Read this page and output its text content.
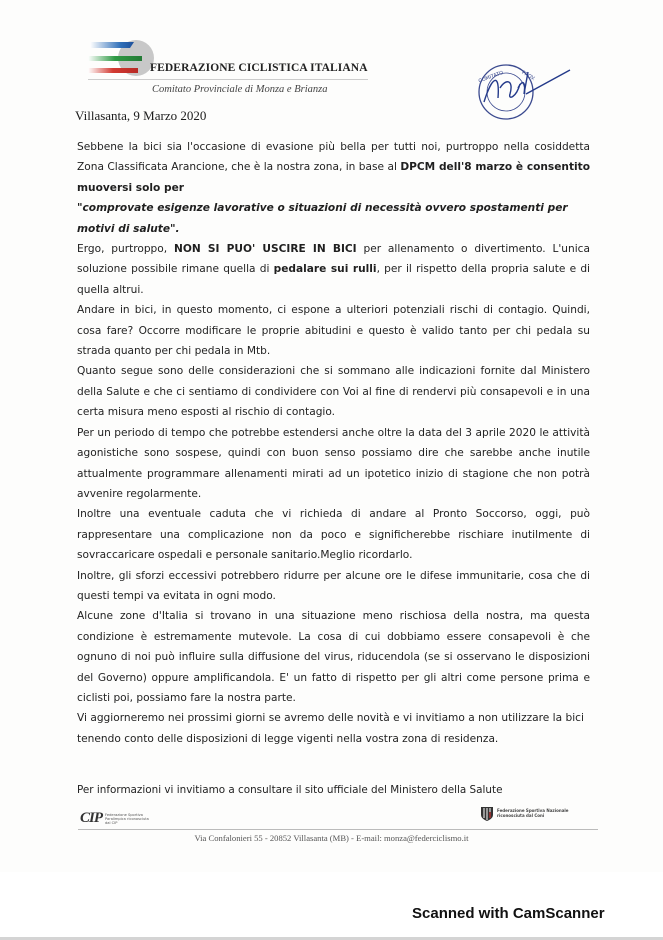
FEDERAZIONE CICLISTICA ITALIANA
Comitato Provinciale di Monza e Brianza
COMITATO	PROV.
Villasanta, 9 Marzo 2020

Sebbene la bici sia l'occasione di evasione più bella per tutti noi, purtroppo nella cosiddetta Zona Classificata Arancione, che è la nostra zona, in base al DPCM dell'8 marzo è consentito muoversi solo per

"comprovate esigenze lavorative o situazioni di necessità ovvero spostamenti per motivi di salute".

Ergo, purtroppo, NON SI PUO' USCIRE IN BICI per allenamento o divertimento. L'unica soluzione possibile rimane quella di pedalare sui rulli, per il rispetto della propria salute e di quella altrui.

Andare in bici, in questo momento, ci espone a ulteriori potenziali rischi di contagio. Quindi, cosa fare? Occorre modificare le proprie abitudini e questo è valido tanto per chi pedala su strada quanto per chi pedala in Mtb.

Quanto segue sono delle considerazioni che si sommano alle indicazioni fornite dal Ministero della Salute e che ci sentiamo di condividere con Voi al fine di rendervi più consapevoli e in una certa misura meno esposti al rischio di contagio.

Per un periodo di tempo che potrebbe estendersi anche oltre la data del 3 aprile 2020 le attività agonistiche sono sospese, quindi con buon senso possiamo dire che sarebbe anche inutile attualmente programmare allenamenti mirati ad un ipotetico inizio di stagione che non potrà avvenire regolarmente.

Inoltre una eventuale caduta che vi richieda di andare al Pronto Soccorso, oggi, può rappresentare una complicazione non da poco e significherebbe rischiare inutilmente di sovraccaricare ospedali e personale sanitario.Meglio ricordarlo.

Inoltre, gli sforzi eccessivi potrebbero ridurre per alcune ore le difese immunitarie, cosa che di questi tempi va evitata in ogni modo.

Alcune zone d'Italia si trovano in una situazione meno rischiosa della nostra, ma questa condizione è estremamente mutevole. La cosa di cui dobbiamo essere consapevoli è che ognuno di noi può influire sulla diffusione del virus, riducendola (se si osservano le disposizioni del Governo) oppure amplificandola. E' un fatto di rispetto per gli altri come persone prima e ciclisti poi, possiamo fare la nostra parte.

Vi aggiorneremo nei prossimi giorni se avremo delle novità e vi invitiamo a non utilizzare la bici tenendo conto delle disposizioni di legge vigenti nella vostra zona di residenza.

Per informazioni vi invitiamo a consultare il sito ufficiale del Ministero della Salute
CIP Federazione Sportiva Paralimpica riconosciuta dal CIP
Federazione Sportiva Nazionale riconosciuta dal Coni
Via Confalonieri 55 - 20852 Villasanta (MB) - E-mail: monza@federciclismo.it
Scanned with CamScanner
